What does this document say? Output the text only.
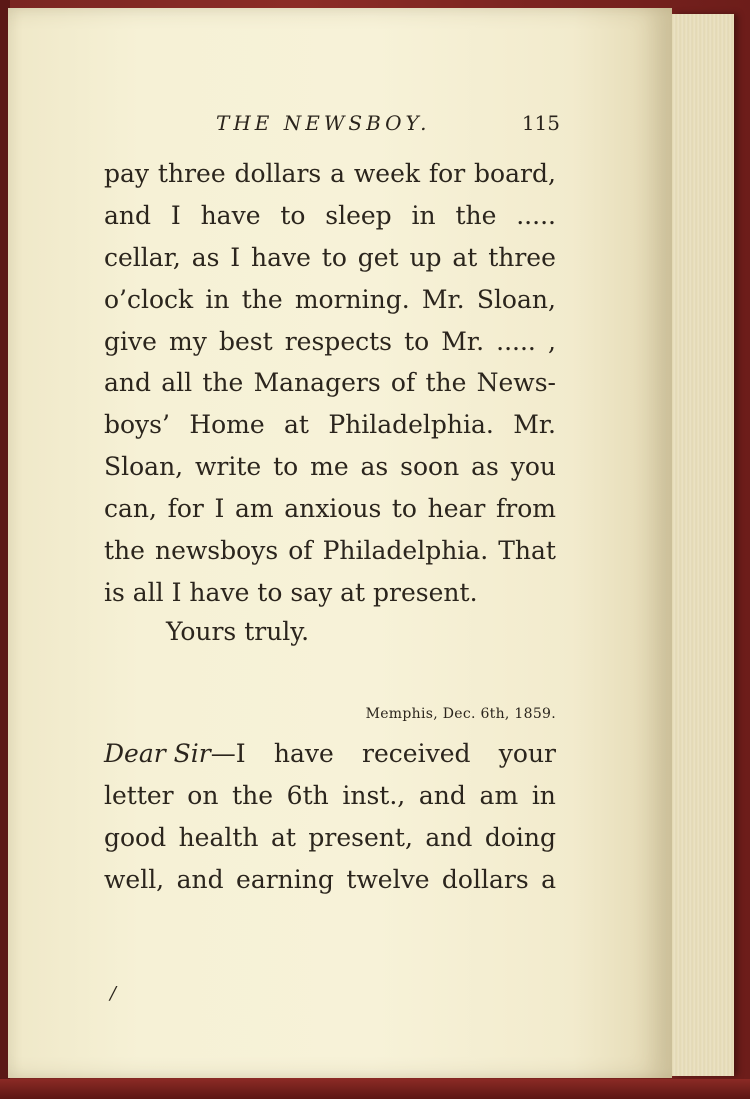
THE NEWSBOY.	115
pay three dollars a week for board,
and I have to sleep in the .....
cellar, as I have to get up at three
o’clock in the morning. Mr. Sloan,
give my best respects to Mr. ..... ,
and all the Managers of the News-
boys’ Home at Philadelphia. Mr.
Sloan, write to me as soon as you
can, for I am anxious to hear from
the newsboys of Philadelphia. That
is all I have to say at present.
Yours truly.
Memphis, Dec. 6th, 1859.
Dear Sir—I have received your
letter on the 6th inst., and am in
good health at present, and doing
well, and earning twelve dollars a
/
